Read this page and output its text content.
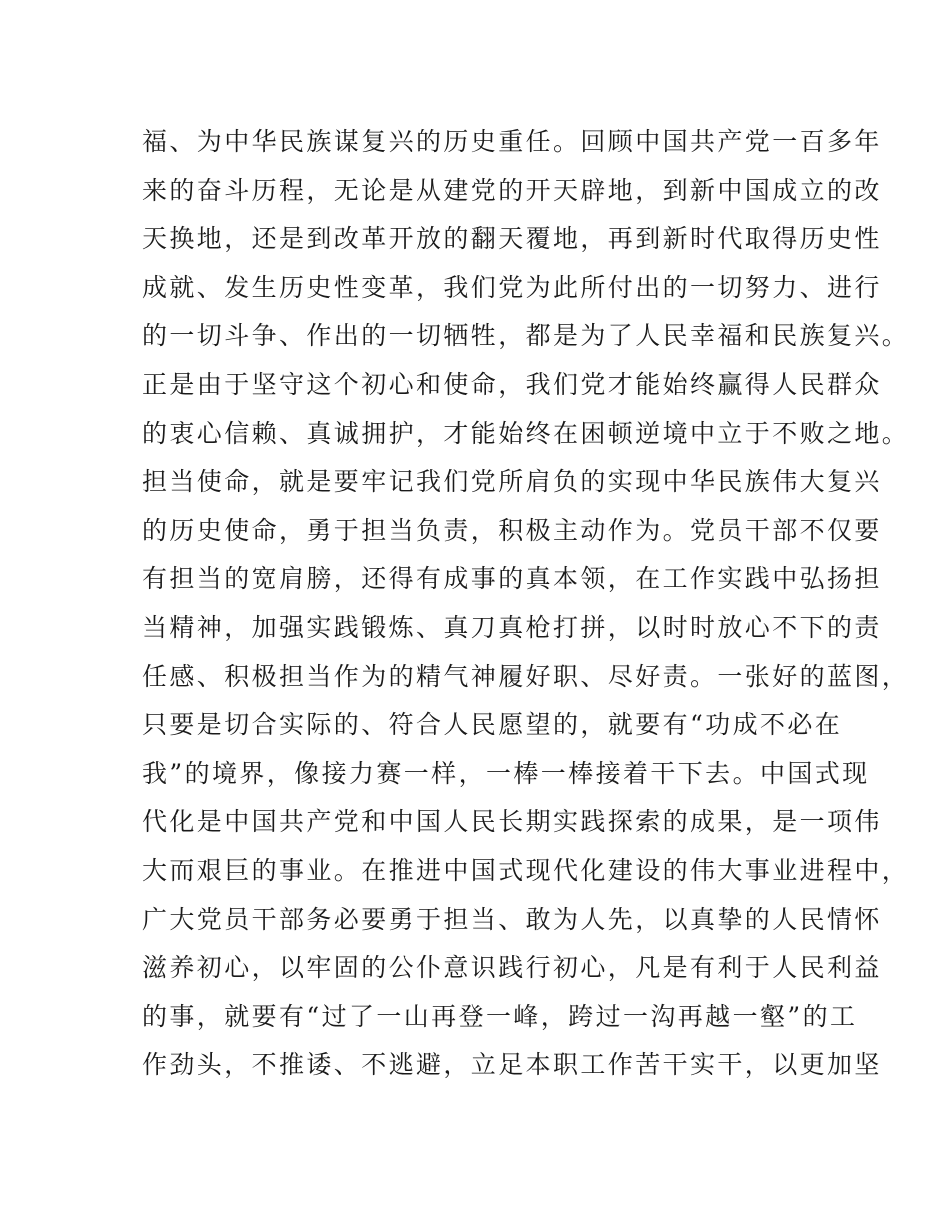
福、为中华民族谋复兴的历史重任。回顾中国共产党一百多年
来的奋斗历程，无论是从建党的开天辟地，到新中国成立的改
天换地，还是到改革开放的翻天覆地，再到新时代取得历史性
成就、发生历史性变革，我们党为此所付出的一切努力、进行
的一切斗争、作出的一切牺牲，都是为了人民幸福和民族复兴。
正是由于坚守这个初心和使命，我们党才能始终赢得人民群众
的衷心信赖、真诚拥护，才能始终在困顿逆境中立于不败之地。
担当使命，就是要牢记我们党所肩负的实现中华民族伟大复兴
的历史使命，勇于担当负责，积极主动作为。党员干部不仅要
有担当的宽肩膀，还得有成事的真本领，在工作实践中弘扬担
当精神，加强实践锻炼、真刀真枪打拼，以时时放心不下的责
任感、积极担当作为的精气神履好职、尽好责。一张好的蓝图，
只要是切合实际的、符合人民愿望的，就要有“功成不必在
我”的境界，像接力赛一样，一棒一棒接着干下去。中国式现
代化是中国共产党和中国人民长期实践探索的成果，是一项伟
大而艰巨的事业。在推进中国式现代化建设的伟大事业进程中，
广大党员干部务必要勇于担当、敢为人先，以真挚的人民情怀
滋养初心，以牢固的公仆意识践行初心，凡是有利于人民利益
的事，就要有“过了一山再登一峰，跨过一沟再越一壑”的工
作劲头，不推诿、不逃避，立足本职工作苦干实干，以更加坚
